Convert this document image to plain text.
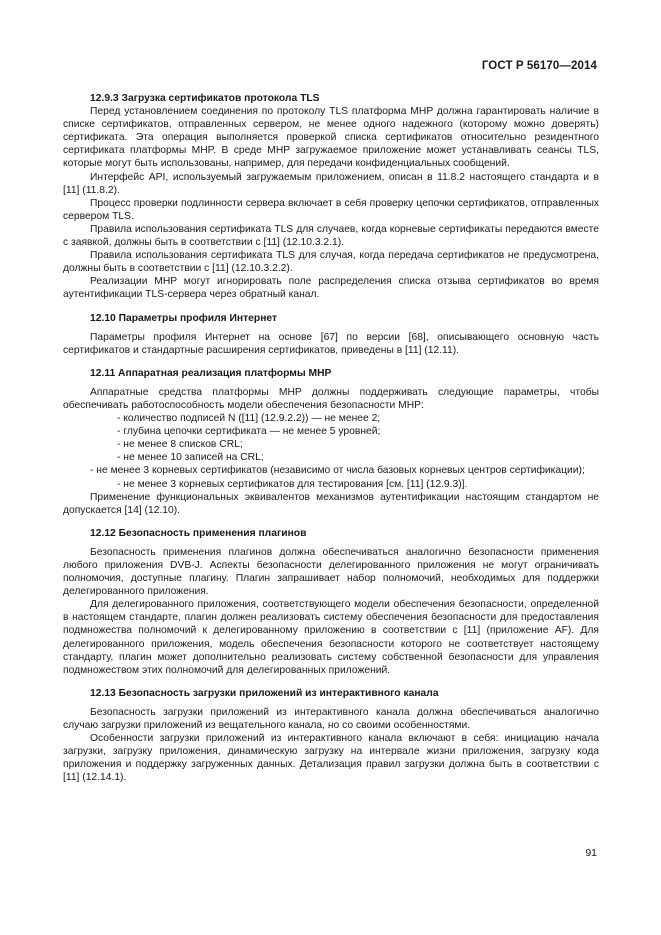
ГОСТ Р 56170—2014
12.9.3 Загрузка сертификатов протокола TLS

Перед установлением соединения по протоколу TLS платформа MHP должна гарантировать наличие в списке сертификатов, отправленных сервером, не менее одного надежного (которому можно доверять) сертификата. Эта операция выполняется проверкой списка сертификатов относительно резидентного сертификата платформы MHP. В среде MHP загружаемое приложение может устанавливать сеансы TLS, которые могут быть использованы, например, для передачи конфиденциальных сообщений.

Интерфейс API, используемый загружаемым приложением, описан в 11.8.2 настоящего стандарта и в [11] (11.8.2).

Процесс проверки подлинности сервера включает в себя проверку цепочки сертификатов, отправленных сервером TLS.

Правила использования сертификата TLS для случаев, когда корневые сертификаты передаются вместе с заявкой, должны быть в соответствии с [11] (12.10.3.2.1).

Правила использования сертификата TLS для случая, когда передача сертификатов не предусмотрена, должны быть в соответствии с [11] (12.10.3.2.2).

Реализации MHP могут игнорировать поле распределения списка отзыва сертификатов во время аутентификации TLS-сервера через обратный канал.

12.10 Параметры профиля Интернет

Параметры профиля Интернет на основе [67] по версии [68], описывающего основную часть сертификатов и стандартные расширения сертификатов, приведены в [11] (12.11).

12.11 Аппаратная реализация платформы MHP

Аппаратные средства платформы MHP должны поддерживать следующие параметры, чтобы обеспечивать работоспособность модели обеспечения безопасности MHP:

- количество подписей N ([11] (12.9.2.2)) — не менее 2;

- глубина цепочки сертификата — не менее 5 уровней;

- не менее 8 списков CRL;

- не менее 10 записей на CRL;

- не менее 3 корневых сертификатов (независимо от числа базовых корневых центров сертификации);

- не менее 3 корневых сертификатов для тестирования [см. [11] (12.9.3)].

Применение функциональных эквивалентов механизмов аутентификации настоящим стандартом не допускается [14] (12.10).

12.12 Безопасность применения плагинов

Безопасность применения плагинов должна обеспечиваться аналогично безопасности применения любого приложения DVB-J. Аспекты безопасности делегированного приложения не могут ограничивать полномочия, доступные плагину. Плагин запрашивает набор полномочий, необходимых для поддержки делегированного приложения.

Для делегированного приложения, соответствующего модели обеспечения безопасности, определенной в настоящем стандарте, плагин должен реализовать систему обеспечения безопасности для предоставления подмножества полномочий к делегированному приложению в соответствии с [11] (приложение AF). Для делегированного приложения, модель обеспечения безопасности которого не соответствует настоящему стандарту, плагин может дополнительно реализовать систему собственной безопасности для управления подмножеством этих полномочий для делегированных приложений.

12.13 Безопасность загрузки приложений из интерактивного канала

Безопасность загрузки приложений из интерактивного канала должна обеспечиваться аналогично случаю загрузки приложений из вещательного канала, но со своими особенностями.

Особенности загрузки приложений из интерактивного канала включают в себя: инициацию начала загрузки, загрузку приложения, динамическую загрузку на интервале жизни приложения, загрузку кода приложения и поддержку загруженных данных. Детализация правил загрузки должна быть в соответствии с [11] (12.14.1).

91
